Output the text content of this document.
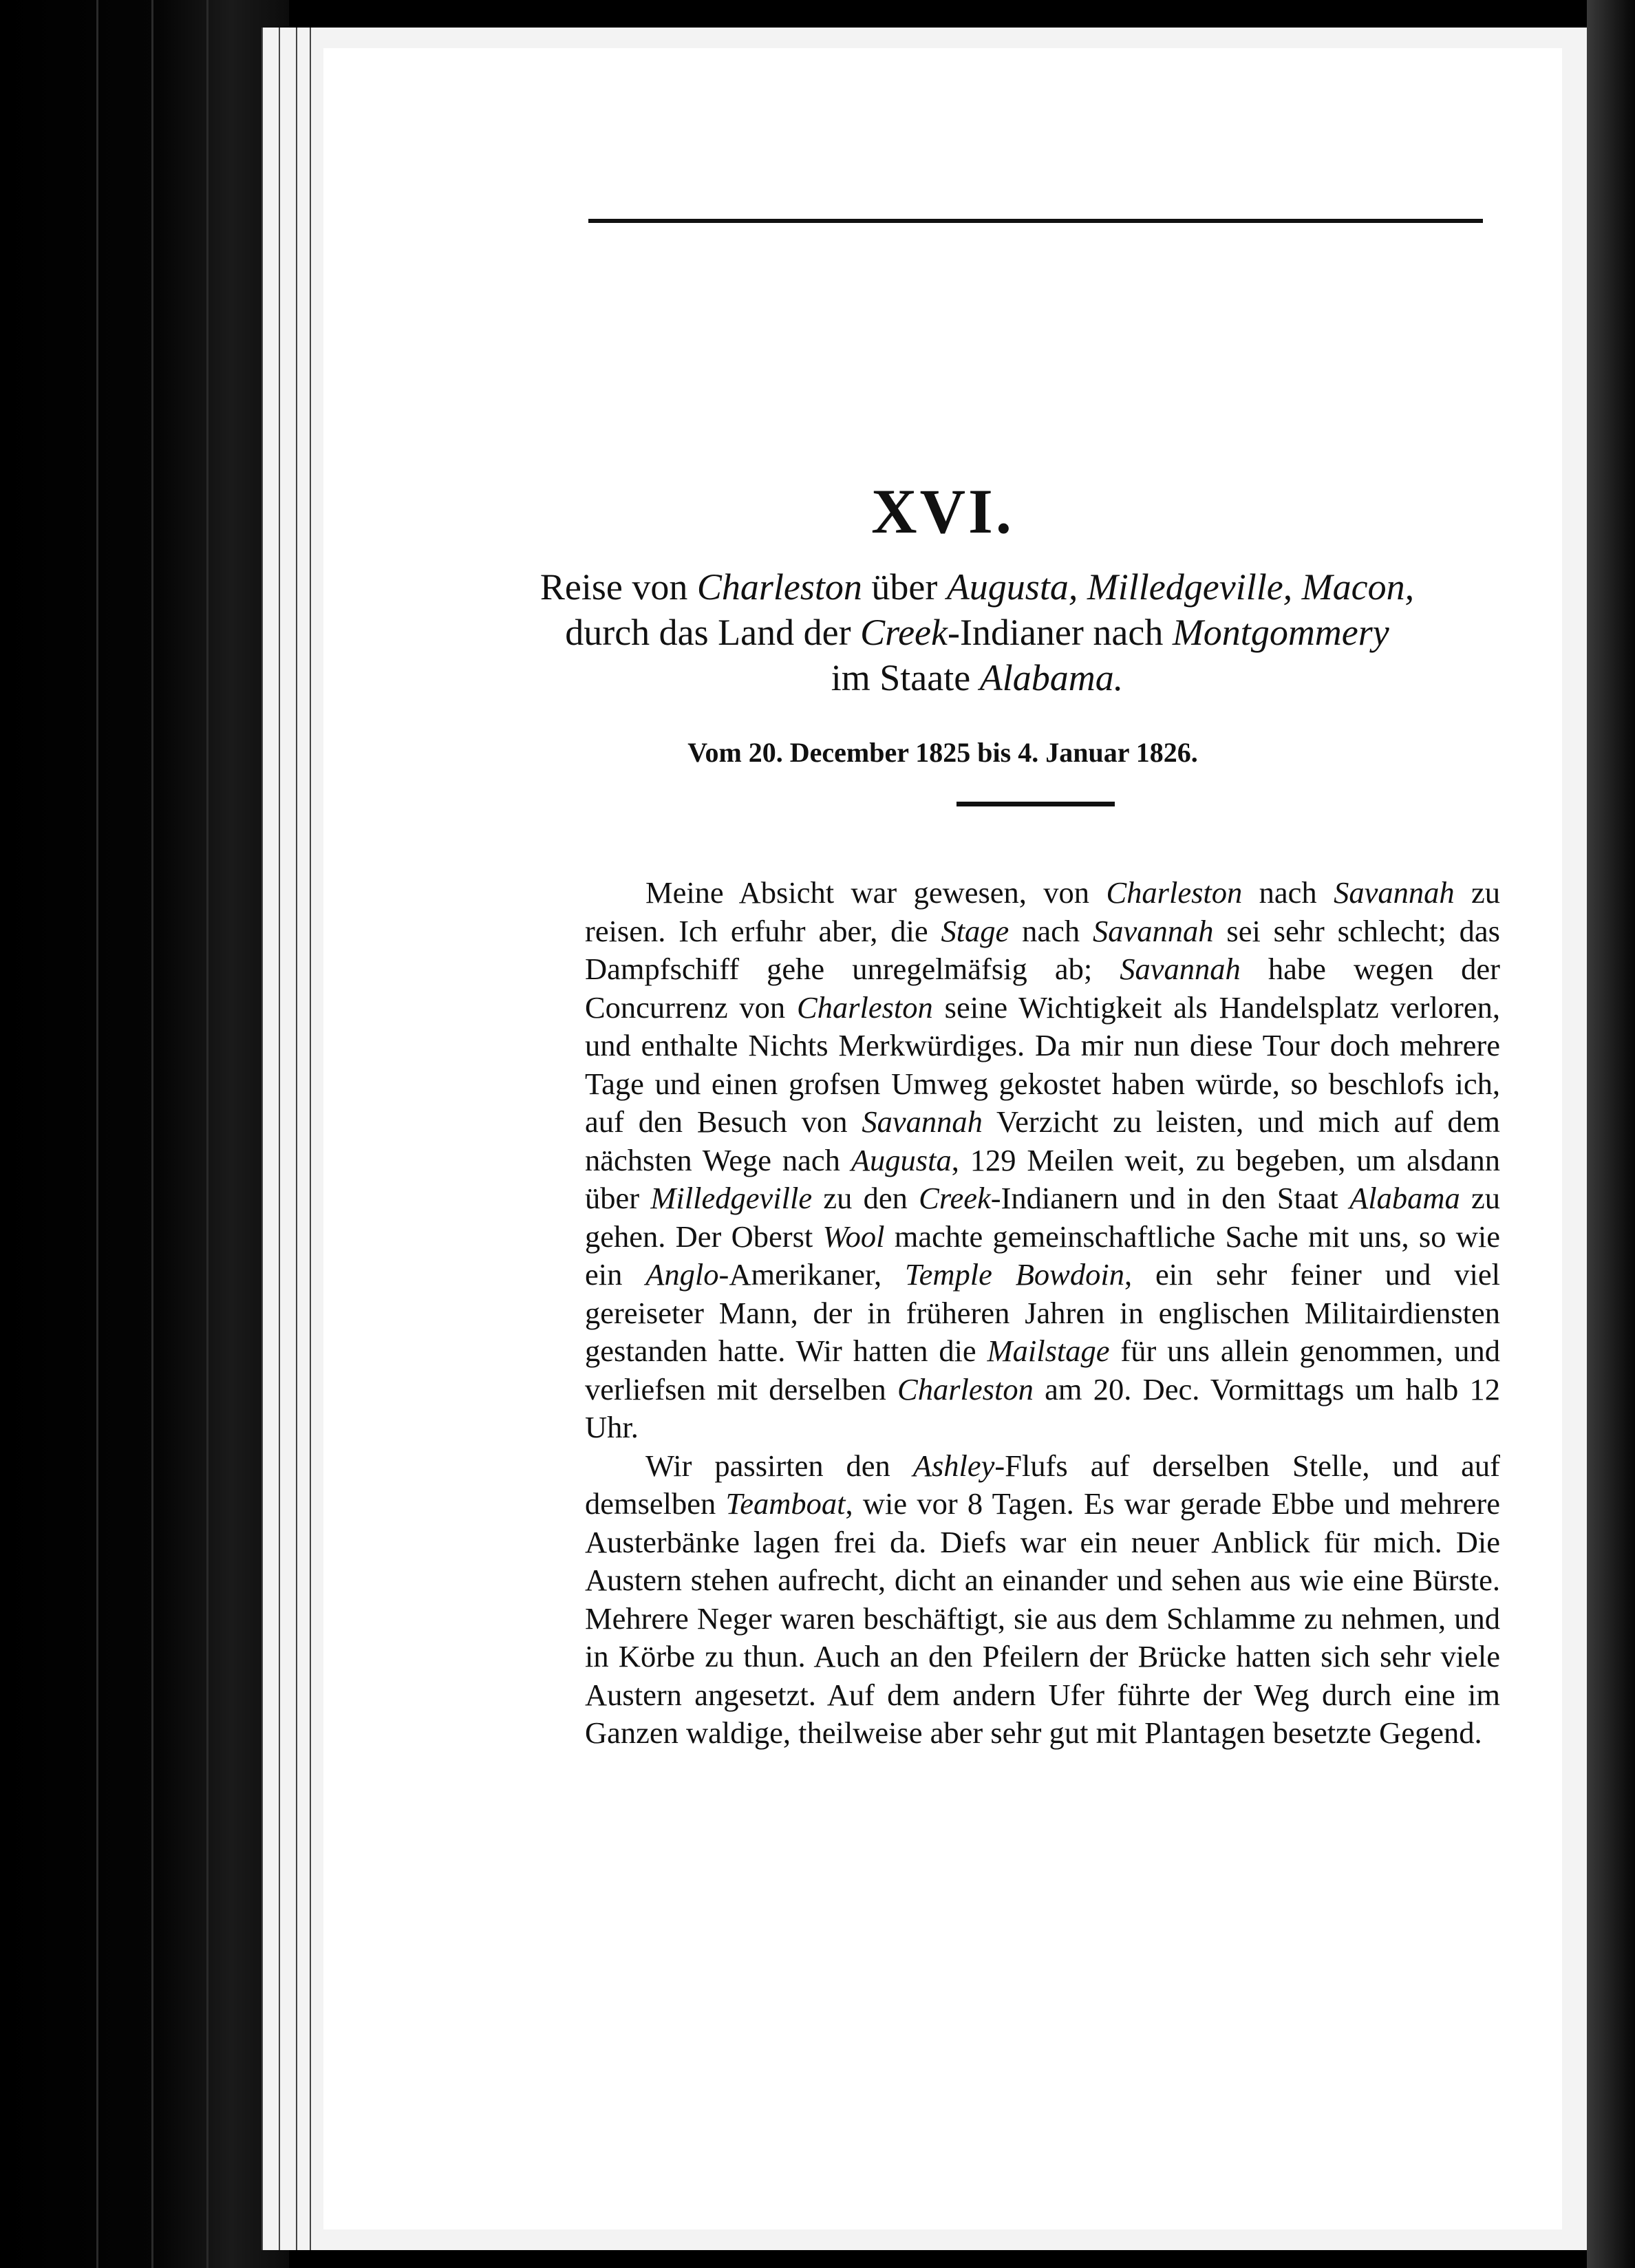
XVI.
Reise von Charleston über Augusta, Milledgeville, Macon,
durch das Land der Creek-Indianer nach Montgommery
im Staate Alabama.
Vom 20. December 1825 bis 4. Januar 1826.

Meine Absicht war gewesen, von Charleston nach Savannah zu reisen. Ich erfuhr aber, die Stage nach Savannah sei sehr schlecht; das Dampfschiff gehe unregelmäfsig ab; Savannah habe wegen der Concurrenz von Charleston seine Wichtigkeit als Handelsplatz verloren, und enthalte Nichts Merkwürdiges. Da mir nun diese Tour doch mehrere Tage und einen grofsen Umweg gekostet haben würde, so beschlofs ich, auf den Besuch von Savannah Verzicht zu leisten, und mich auf dem nächsten Wege nach Augusta, 129 Meilen weit, zu begeben, um alsdann über Milledgeville zu den Creek-Indianern und in den Staat Alabama zu gehen. Der Oberst Wool machte gemeinschaftliche Sache mit uns, so wie ein Anglo-Amerikaner, Temple Bowdoin, ein sehr feiner und viel gereiseter Mann, der in früheren Jahren in englischen Militairdiensten gestanden hatte. Wir hatten die Mailstage für uns allein genommen, und verliefsen mit derselben Charleston am 20. Dec. Vormittags um halb 12 Uhr.

Wir passirten den Ashley-Flufs auf derselben Stelle, und auf demselben Teamboat, wie vor 8 Tagen. Es war gerade Ebbe und mehrere Austerbänke lagen frei da. Diefs war ein neuer Anblick für mich. Die Austern stehen aufrecht, dicht an einander und sehen aus wie eine Bürste. Mehrere Neger waren beschäftigt, sie aus dem Schlamme zu nehmen, und in Körbe zu thun. Auch an den Pfeilern der Brücke hatten sich sehr viele Austern angesetzt. Auf dem andern Ufer führte der Weg durch eine im Ganzen waldige, theilweise aber sehr gut mit Plantagen besetzte Gegend.
